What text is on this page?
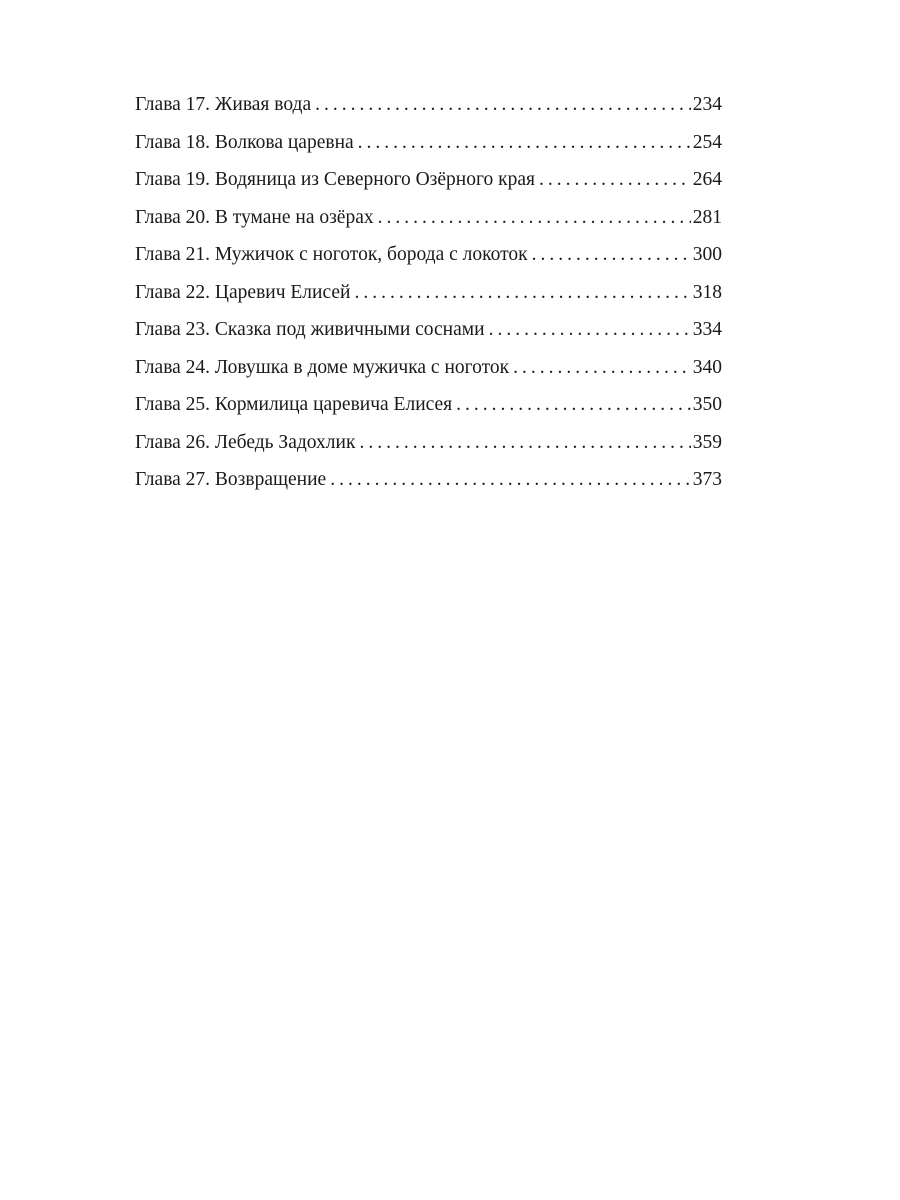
Глава 17. Живая вода .....	234
Глава 18. Волкова царевна .....	254
Глава 19. Водяница из Северного Озёрного края .....	264
Глава 20. В тумане на озёрах .....	281
Глава 21. Мужичок с ноготок, борода с локоток .....	300
Глава 22. Царевич Елисей .....	318
Глава 23. Сказка под живичными соснами .....	334
Глава 24. Ловушка в доме мужичка с ноготок .....	340
Глава 25. Кормилица царевича Елисея .....	350
Глава 26. Лебедь Задохлик .....	359
Глава 27. Возвращение .....	373
